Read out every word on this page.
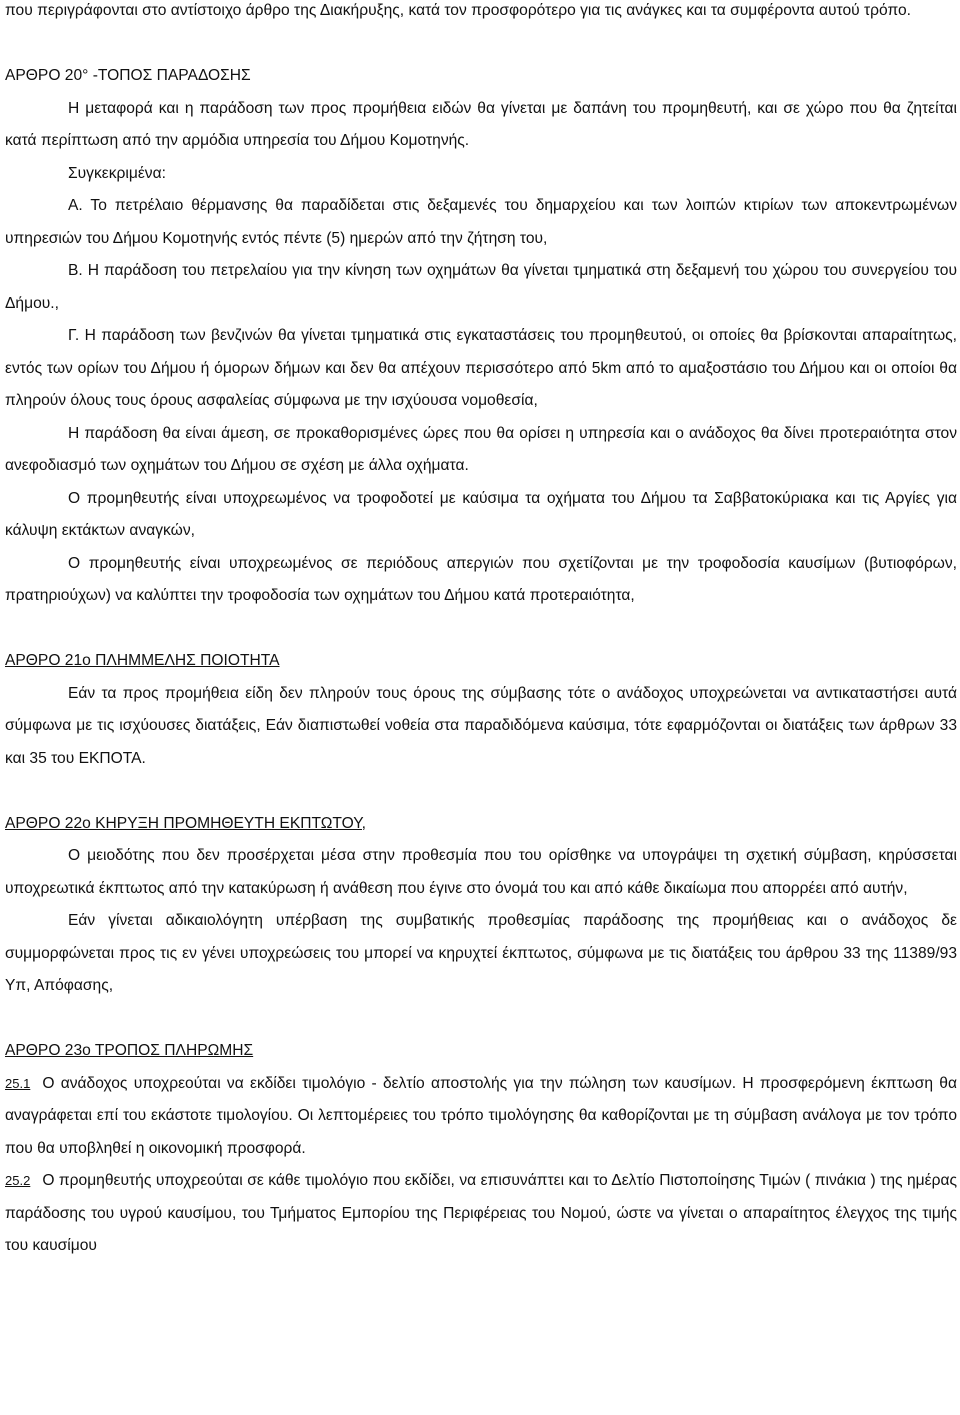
που περιγράφονται στο αντίστοιχο άρθρο της Διακήρυξης, κατά τον προσφορότερο για τις ανάγκες και τα συμφέροντα αυτού τρόπο.

ΑΡΘΡΟ 20° -ΤΟΠΟΣ ΠΑΡΑΔΟΣΗΣ

Η μεταφορά και η παράδοση των προς προμήθεια ειδών θα γίνεται με δαπάνη του προμηθευτή, και σε χώρο που θα ζητείται κατά περίπτωση από την αρμόδια υπηρεσία του Δήμου Κομοτηνής.

Συγκεκριμένα:

Α. Το πετρέλαιο θέρμανσης θα παραδίδεται στις δεξαμενές του δημαρχείου και των λοιπών κτιρίων των αποκεντρωμένων υπηρεσιών του Δήμου Κομοτηνής εντός πέντε (5) ημερών από την ζήτηση του,

Β. Η παράδοση του πετρελαίου για την κίνηση των οχημάτων θα γίνεται τμηματικά στη δεξαμενή του χώρου του συνεργείου του Δήμου.,

Γ. Η παράδοση των βενζινών θα γίνεται τμηματικά στις εγκαταστάσεις του προμηθευτού, οι οποίες θα βρίσκονται απαραίτητως, εντός των ορίων του Δήμου ή όμορων δήμων και δεν θα απέχουν περισσότερο από 5km από το αμαξοστάσιο του Δήμου και οι οποίοι θα πληρούν όλους τους όρους ασφαλείας σύμφωνα με την ισχύουσα νομοθεσία,

Η παράδοση θα είναι άμεση, σε προκαθορισμένες ώρες που θα ορίσει η υπηρεσία και ο ανάδοχος θα δίνει προτεραιότητα στον ανεφοδιασμό των οχημάτων του Δήμου σε σχέση με άλλα οχήματα.

Ο προμηθευτής είναι υποχρεωμένος να τροφοδοτεί με καύσιμα τα οχήματα του Δήμου τα Σαββατοκύριακα και τις Αργίες για κάλυψη εκτάκτων αναγκών,

Ο προμηθευτής είναι υποχρεωμένος σε περιόδους απεργιών που σχετίζονται με την τροφοδοσία καυσίμων (βυτιοφόρων, πρατηριούχων) να καλύπτει την τροφοδοσία των οχημάτων του Δήμου κατά προτεραιότητα,

ΑΡΘΡΟ 21ο ΠΛΗΜΜΕΛΗΣ ΠΟΙΟΤΗΤΑ

Εάν τα προς προμήθεια είδη δεν πληρούν τους όρους της σύμβασης τότε ο ανάδοχος υποχρεώνεται να αντικαταστήσει αυτά σύμφωνα με τις ισχύουσες διατάξεις, Εάν διαπιστωθεί νοθεία στα παραδιδόμενα καύσιμα, τότε εφαρμόζονται οι διατάξεις των άρθρων 33 και 35 του ΕΚΠΟΤΑ.

ΑΡΘΡΟ 22ο ΚΗΡΥΞΗ ΠΡΟΜΗΘΕΥΤΗ ΕΚΠΤΩΤΟΥ,

Ο μειοδότης που δεν προσέρχεται μέσα στην προθεσμία που του ορίσθηκε να υπογράψει τη σχετική σύμβαση, κηρύσσεται υποχρεωτικά έκπτωτος από την κατακύρωση ή ανάθεση που έγινε στο όνομά του και από κάθε δικαίωμα που απορρέει από αυτήν,

Εάν γίνεται αδικαιολόγητη υπέρβαση της συμβατικής προθεσμίας παράδοσης της προμήθειας και ο ανάδοχος δε συμμορφώνεται προς τις εν γένει υποχρεώσεις του μπορεί να κηρυχτεί έκπτωτος, σύμφωνα με τις διατάξεις του άρθρου 33 της 11389/93 Υπ, Απόφασης,

ΑΡΘΡΟ 23ο ΤΡΟΠΟΣ ΠΛΗΡΩΜΗΣ

25.1 Ο ανάδοχος υποχρεούται να εκδίδει τιμολόγιο - δελτίο αποστολής για την πώληση των καυσίμων. Η προσφερόμενη έκπτωση θα αναγράφεται επί του εκάστοτε τιμολογίου. Οι λεπτομέρειες του τρόπο τιμολόγησης θα καθορίζονται με τη σύμβαση ανάλογα με τον τρόπο που θα υποβληθεί η οικονομική προσφορά.

25.2 Ο προμηθευτής υποχρεούται σε κάθε τιμολόγιο που εκδίδει, να επισυνάπτει και το Δελτίο Πιστοποίησης Τιμών ( πινάκια ) της ημέρας παράδοσης του υγρού καυσίμου, του Τμήματος Εμπορίου της Περιφέρειας του Νομού, ώστε να γίνεται ο απαραίτητος έλεγχος της τιμής του καυσίμου
